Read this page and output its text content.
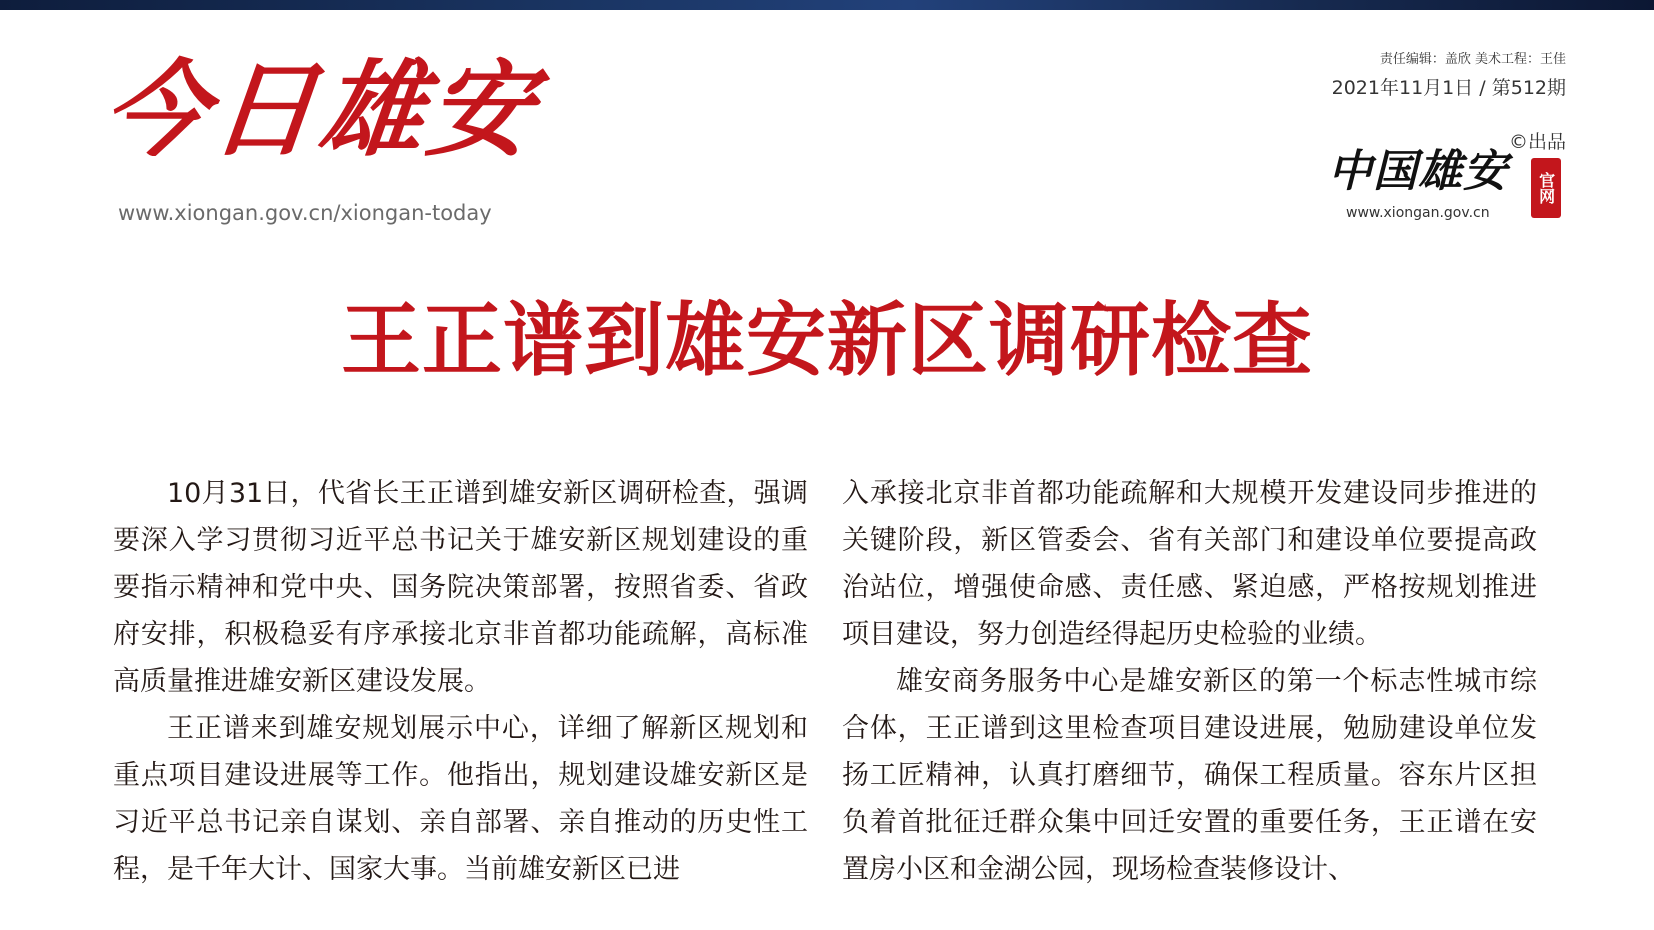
今日雄安
www.xiongan.gov.cn/xiongan-today
责任编辑：盖欣 美术工程：王佳
2021年11月1日 / 第512期
©出品
中国雄安 官网
www.xiongan.gov.cn
王正谱到雄安新区调研检查

10月31日，代省长王正谱到雄安新区调研检查，强调要深入学习贯彻习近平总书记关于雄安新区规划建设的重要指示精神和党中央、国务院决策部署，按照省委、省政府安排，积极稳妥有序承接北京非首都功能疏解，高标准高质量推进雄安新区建设发展。

王正谱来到雄安规划展示中心，详细了解新区规划和重点项目建设进展等工作。他指出，规划建设雄安新区是习近平总书记亲自谋划、亲自部署、亲自推动的历史性工程，是千年大计、国家大事。当前雄安新区已进

入承接北京非首都功能疏解和大规模开发建设同步推进的关键阶段，新区管委会、省有关部门和建设单位要提高政治站位，增强使命感、责任感、紧迫感，严格按规划推进项目建设，努力创造经得起历史检验的业绩。

雄安商务服务中心是雄安新区的第一个标志性城市综合体，王正谱到这里检查项目建设进展，勉励建设单位发扬工匠精神，认真打磨细节，确保工程质量。容东片区担负着首批征迁群众集中回迁安置的重要任务，王正谱在安置房小区和金湖公园，现场检查装修设计、
